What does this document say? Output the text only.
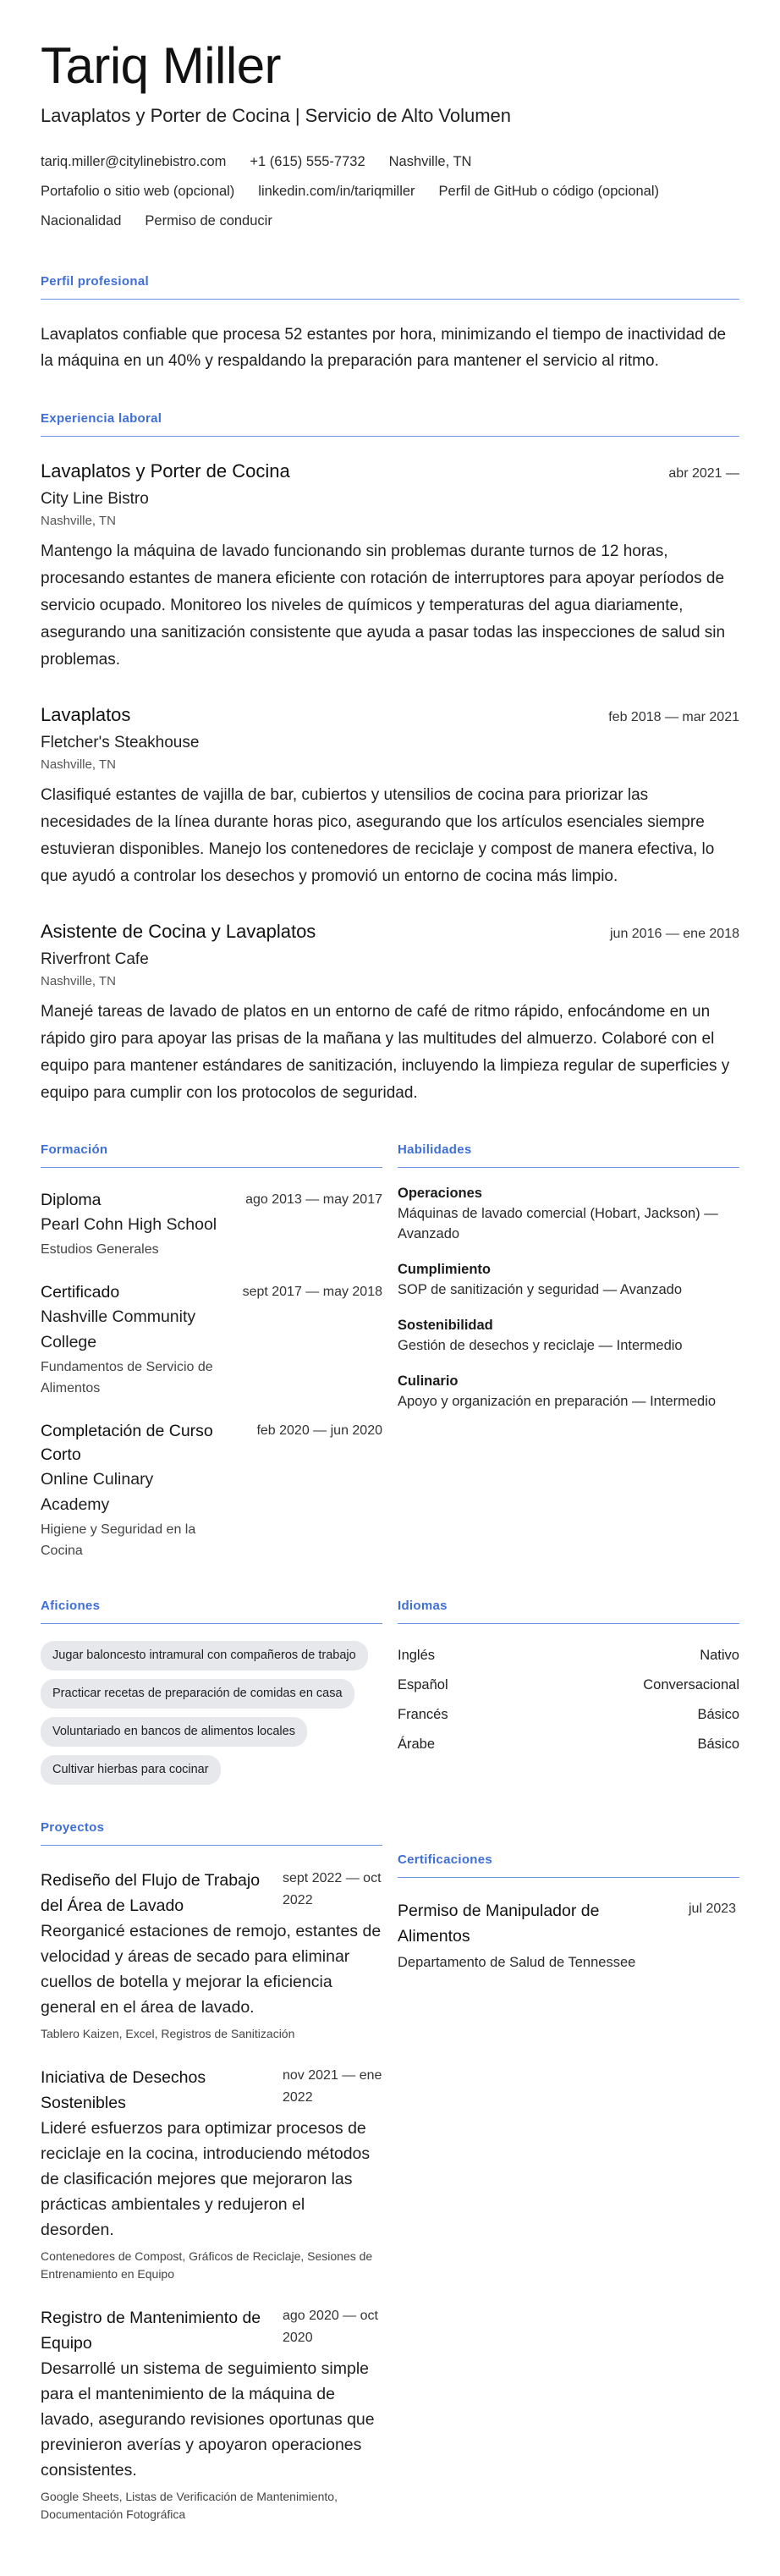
Tariq Miller
Lavaplatos y Porter de Cocina | Servicio de Alto Volumen
tariq.miller@citylinebistro.com +1 (615) 555-7732 Nashville, TN
Portafolio o sitio web (opcional) linkedin.com/in/tariqmiller Perfil de GitHub o código (opcional)
Nacionalidad Permiso de conducir
Perfil profesional

Lavaplatos confiable que procesa 52 estantes por hora, minimizando el tiempo de inactividad de la máquina en un 40% y respaldando la preparación para mantener el servicio al ritmo.

Experiencia laboral
Lavaplatos y Porter de Cocina	abr 2021 —
City Line Bistro
Nashville, TN

Mantengo la máquina de lavado funcionando sin problemas durante turnos de 12 horas, procesando estantes de manera eficiente con rotación de interruptores para apoyar períodos de servicio ocupado. Monitoreo los niveles de químicos y temperaturas del agua diariamente, asegurando una sanitización consistente que ayuda a pasar todas las inspecciones de salud sin problemas.

Lavaplatos	feb 2018 — mar 2021
Fletcher's Steakhouse
Nashville, TN

Clasifiqué estantes de vajilla de bar, cubiertos y utensilios de cocina para priorizar las necesidades de la línea durante horas pico, asegurando que los artículos esenciales siempre estuvieran disponibles. Manejo los contenedores de reciclaje y compost de manera efectiva, lo que ayudó a controlar los desechos y promovió un entorno de cocina más limpio.

Asistente de Cocina y Lavaplatos	jun 2016 — ene 2018
Riverfront Cafe
Nashville, TN

Manejé tareas de lavado de platos en un entorno de café de ritmo rápido, enfocándome en un rápido giro para apoyar las prisas de la mañana y las multitudes del almuerzo. Colaboré con el equipo para mantener estándares de sanitización, incluyendo la limpieza regular de superficies y equipo para cumplir con los protocolos de seguridad.

Formación
Diploma
Pearl Cohn High School
Estudios Generales
ago 2013 — may 2017
Certificado
Nashville Community College
Fundamentos de Servicio de Alimentos
sept 2017 — may 2018
Completación de Curso Corto
Online Culinary Academy
Higiene y Seguridad en la Cocina
feb 2020 — jun 2020
Habilidades
Operaciones
Máquinas de lavado comercial (Hobart, Jackson) — Avanzado
Cumplimiento
SOP de sanitización y seguridad — Avanzado
Sostenibilidad
Gestión de desechos y reciclaje — Intermedio
Culinario
Apoyo y organización en preparación — Intermedio
Aficiones
Jugar baloncesto intramural con compañeros de trabajo
Practicar recetas de preparación de comidas en casa
Voluntariado en bancos de alimentos locales
Cultivar hierbas para cocinar
Idiomas
Inglés	Nativo
Español	Conversacional
Francés	Básico
Árabe	Básico
Proyectos
Rediseño del Flujo de Trabajo del Área de Lavado
sept 2022 — oct 2022

Reorganicé estaciones de remojo, estantes de velocidad y áreas de secado para eliminar cuellos de botella y mejorar la eficiencia general en el área de lavado.

Tablero Kaizen, Excel, Registros de Sanitización
Iniciativa de Desechos Sostenibles
nov 2021 — ene 2022

Lideré esfuerzos para optimizar procesos de reciclaje en la cocina, introduciendo métodos de clasificación mejores que mejoraron las prácticas ambientales y redujeron el desorden.

Contenedores de Compost, Gráficos de Reciclaje, Sesiones de Entrenamiento en Equipo
Registro de Mantenimiento de Equipo
ago 2020 — oct 2020

Desarrollé un sistema de seguimiento simple para el mantenimiento de la máquina de lavado, asegurando revisiones oportunas que previnieron averías y apoyaron operaciones consistentes.

Google Sheets, Listas de Verificación de Mantenimiento, Documentación Fotográfica
Certificaciones
Permiso de Manipulador de Alimentos
Departamento de Salud de Tennessee
jul 2023
